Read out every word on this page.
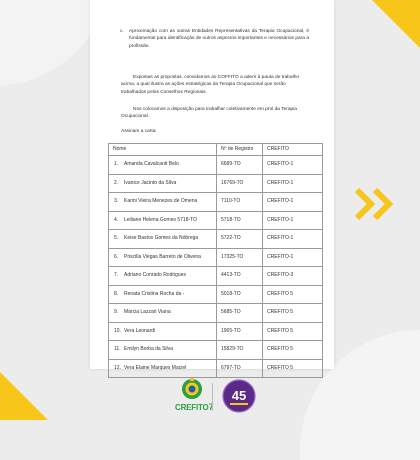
c. Aproximação com as outras Entidades Representativas da Terapia Ocupacional, é fundamental para identificação de outros aspectos importantes e necessários para a profissão.
Expostas as propostas, convidamos ao COFFITO a aderir à pauta de trabalho acima, a qual ilustra as ações estratégicas da Terapia Ocupacional que serão trabalhados pelos Conselhos Regionais.
Nos colocamos a disposição para trabalhar coletivamente em prol da Terapia Ocupacional.
Assinam a carta:
Nome	Nº de Registro	CREFITO
1. Amanda Cavalcanti Belo	6689-TO	CREFITO-1
2. Ivanice Jacinto da Silva	16769-TO	CREFITO-1
3. Karini Vieira Menezes de Omena	7110-TO	CREFITO-1
4. Leiliane Helena Gomes 5718-TO	5718-TO	CREFITO-1
5. Keise Bastos Gomes da Nóbrega	5722-TO	CREFITO-1
6. Priscilla Viégas Barreto de Oliveira	17325-TO	CREFITO-1
7. Adriano Conrado Rodrigues	4413-TO	CREFITO-3
8. Renata Cristina Rocha da -	5018-TO	CREFITO 5
9. Márcia Lazzari Viana	5685-TO	CREFITO 5
10. Vera Leonardi	1965-TO	CREFITO 5
11. Emilyn Borba da Silva	15829-TO	CREFITO 5
12. Vera Elaine Marques Maciel	6797-TO	CREFITO 5
CREFITO7
45
